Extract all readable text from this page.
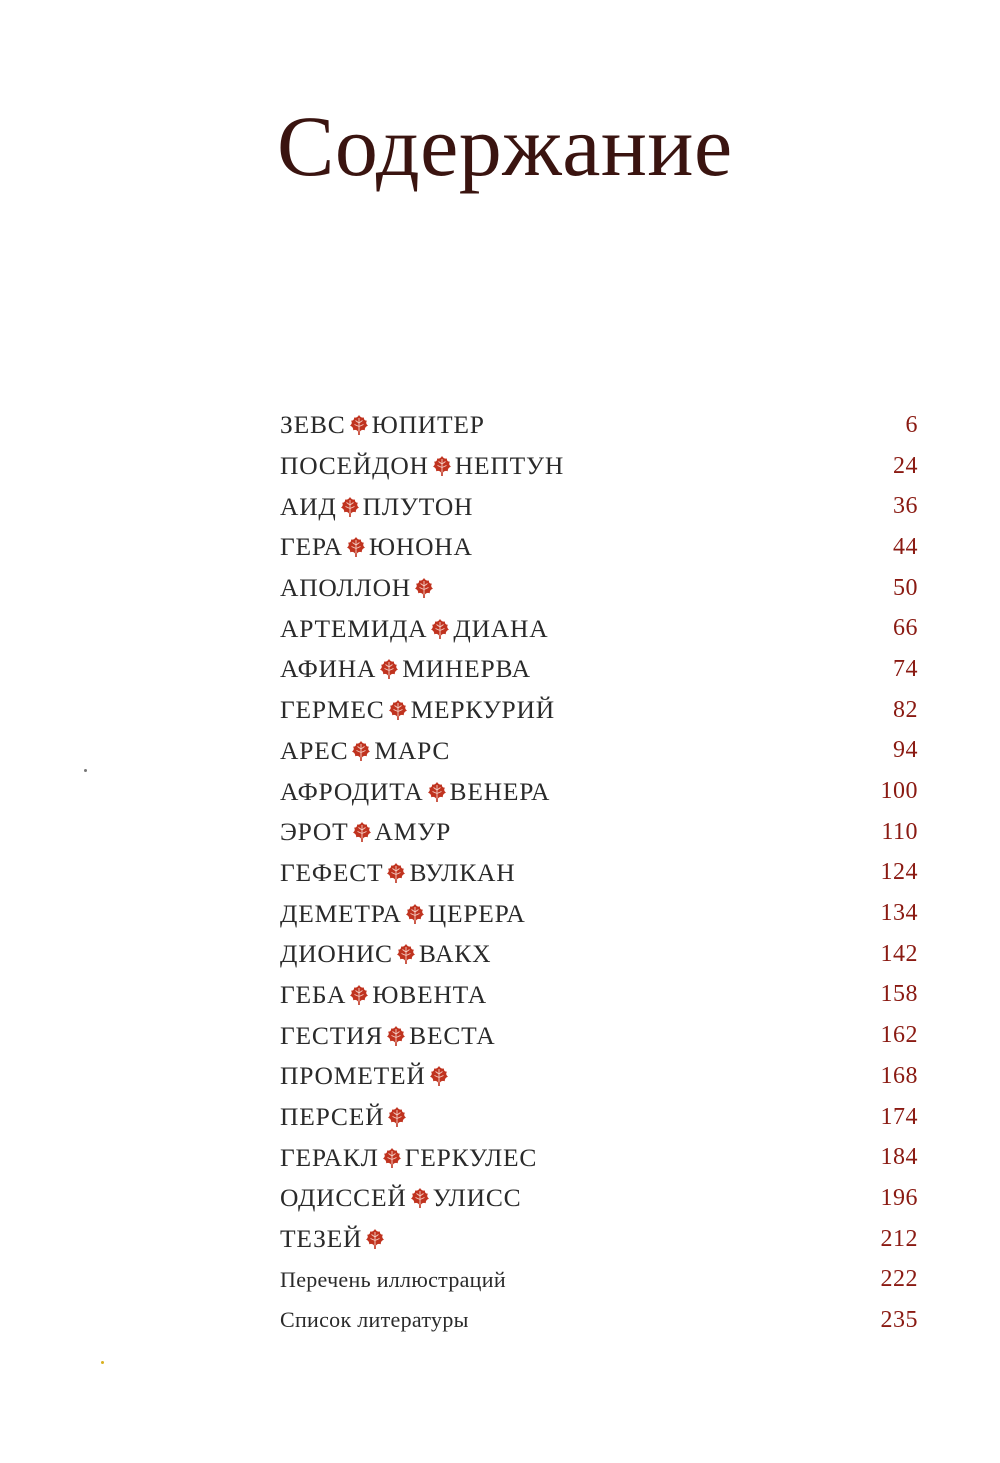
Содержание
ЗЕВС ЮПИТЕР	6
ПОСЕЙДОН НЕПТУН	24
АИД ПЛУТОН	36
ГЕРА ЮНОНА	44
АПОЛЛОН	50
АРТЕМИДА ДИАНА	66
АФИНА МИНЕРВА	74
ГЕРМЕС МЕРКУРИЙ	82
АРЕС МАРС	94
АФРОДИТА ВЕНЕРА	100
ЭРОТ АМУР	110
ГЕФЕСТ ВУЛКАН	124
ДЕМЕТРА ЦЕРЕРА	134
ДИОНИС ВАКХ	142
ГЕБА ЮВЕНТА	158
ГЕСТИЯ ВЕСТА	162
ПРОМЕТЕЙ	168
ПЕРСЕЙ	174
ГЕРАКЛ ГЕРКУЛЕС	184
ОДИССЕЙ УЛИСС	196
ТЕЗЕЙ	212
Перечень иллюстраций	222
Список литературы	235
